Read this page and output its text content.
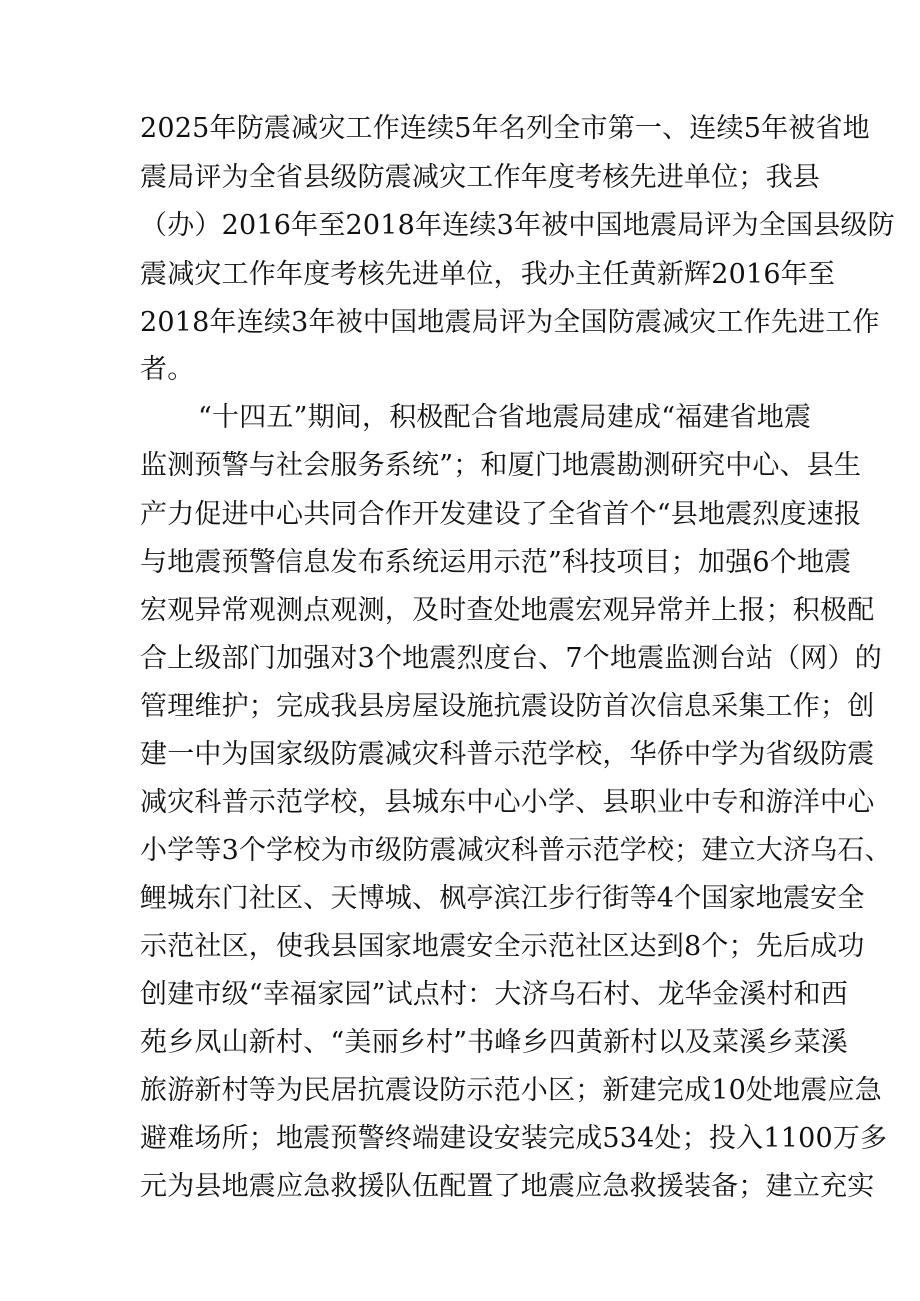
2025年防震减灾工作连续5年名列全市第一、连续5年被省地
震局评为全省县级防震减灾工作年度考核先进单位；我县
（办）2016年至2018年连续3年被中国地震局评为全国县级防
震减灾工作年度考核先进单位，我办主任黄新辉2016年至
2018年连续3年被中国地震局评为全国防震减灾工作先进工作
者。
“十四五”期间，积极配合省地震局建成“福建省地震
监测预警与社会服务系统”；和厦门地震勘测研究中心、县生
产力促进中心共同合作开发建设了全省首个“县地震烈度速报
与地震预警信息发布系统运用示范”科技项目；加强6个地震
宏观异常观测点观测，及时查处地震宏观异常并上报；积极配
合上级部门加强对3个地震烈度台、7个地震监测台站（网）的
管理维护；完成我县房屋设施抗震设防首次信息采集工作；创
建一中为国家级防震减灾科普示范学校，华侨中学为省级防震
减灾科普示范学校，县城东中心小学、县职业中专和游洋中心
小学等3个学校为市级防震减灾科普示范学校；建立大济乌石、
鲤城东门社区、天博城、枫亭滨江步行街等4个国家地震安全
示范社区，使我县国家地震安全示范社区达到8个；先后成功
创建市级“幸福家园”试点村：大济乌石村、龙华金溪村和西
苑乡凤山新村、“美丽乡村”书峰乡四黄新村以及菜溪乡菜溪
旅游新村等为民居抗震设防示范小区；新建完成10处地震应急
避难场所；地震预警终端建设安装完成534处；投入1100万多
元为县地震应急救援队伍配置了地震应急救援装备；建立充实
